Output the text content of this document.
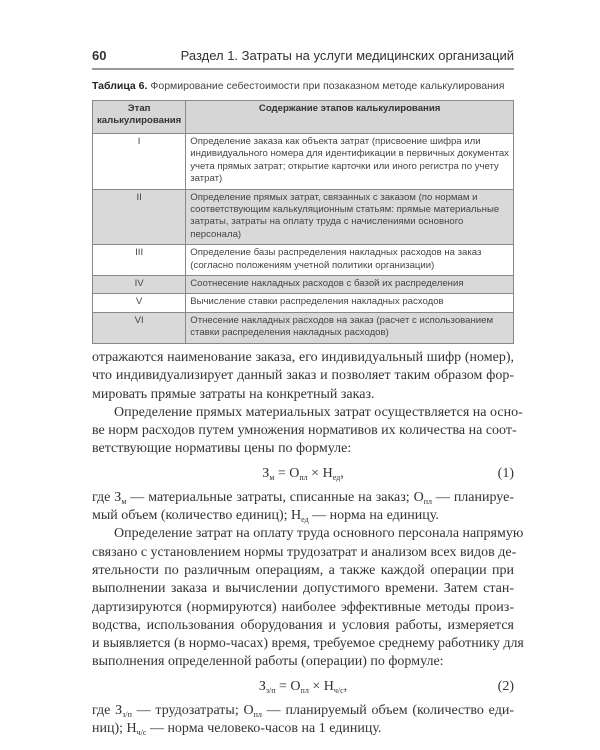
60	Раздел 1. Затраты на услуги медицинских организаций
Таблица 6. Формирование себестоимости при позаказном методе калькулирования
Этап калькулирования	Содержание этапов калькулирования
I	Определение заказа как объекта затрат (присвоение шифра или индивидуального номера для идентификации в первичных документах учета прямых затрат; открытие карточки или иного регистра по учету затрат)
II	Определение прямых затрат, связанных с заказом (по нормам и соответствующим калькуляционным статьям: прямые материальные затраты, затраты на оплату труда с начислениями основного персонала)
III	Определение базы распределения накладных расходов на заказ (согласно положениям учетной политики организации)
IV	Соотнесение накладных расходов с базой их распределения
V	Вычисление ставки распределения накладных расходов
VI	Отнесение накладных расходов на заказ (расчет с использованием ставки распределения накладных расходов)
отражаются наименование заказа, его индивидуальный шифр (номер),
что индивидуализирует данный заказ и позволяет таким образом фор-
мировать прямые затраты на конкретный заказ.
Определение прямых материальных затрат осуществляется на осно-
ве норм расходов путем умножения нормативов их количества на соот-
ветствующие нормативы цены по формуле:
$З_м = О_{пл} \times Н_{ед}$,	(1)
где $З_м$ — материальные затраты, списанные на заказ; $О_{пл}$ — планируе-
мый объем (количество единиц); $Н_{ед}$ — норма на единицу.
Определение затрат на оплату труда основного персонала напрямую
связано с установлением нормы трудозатрат и анализом всех видов де-
ятельности по различным операциям, а также каждой операции при
выполнении заказа и вычислении допустимого времени. Затем стан-
дартизируются (нормируются) наиболее эффективные методы произ-
водства, использования оборудования и условия работы, измеряется
и выявляется (в нормо-часах) время, требуемое среднему работнику для
выполнения определенной работы (операции) по формуле:
$З_{з/п} = О_{пл} \times Н_{ч/с}$,	(2)
где $З_{з/п}$ — трудозатраты; $О_{пл}$ — планируемый объем (количество еди-
ниц); $Н_{ч/с}$ — норма человеко-часов на 1 единицу.
